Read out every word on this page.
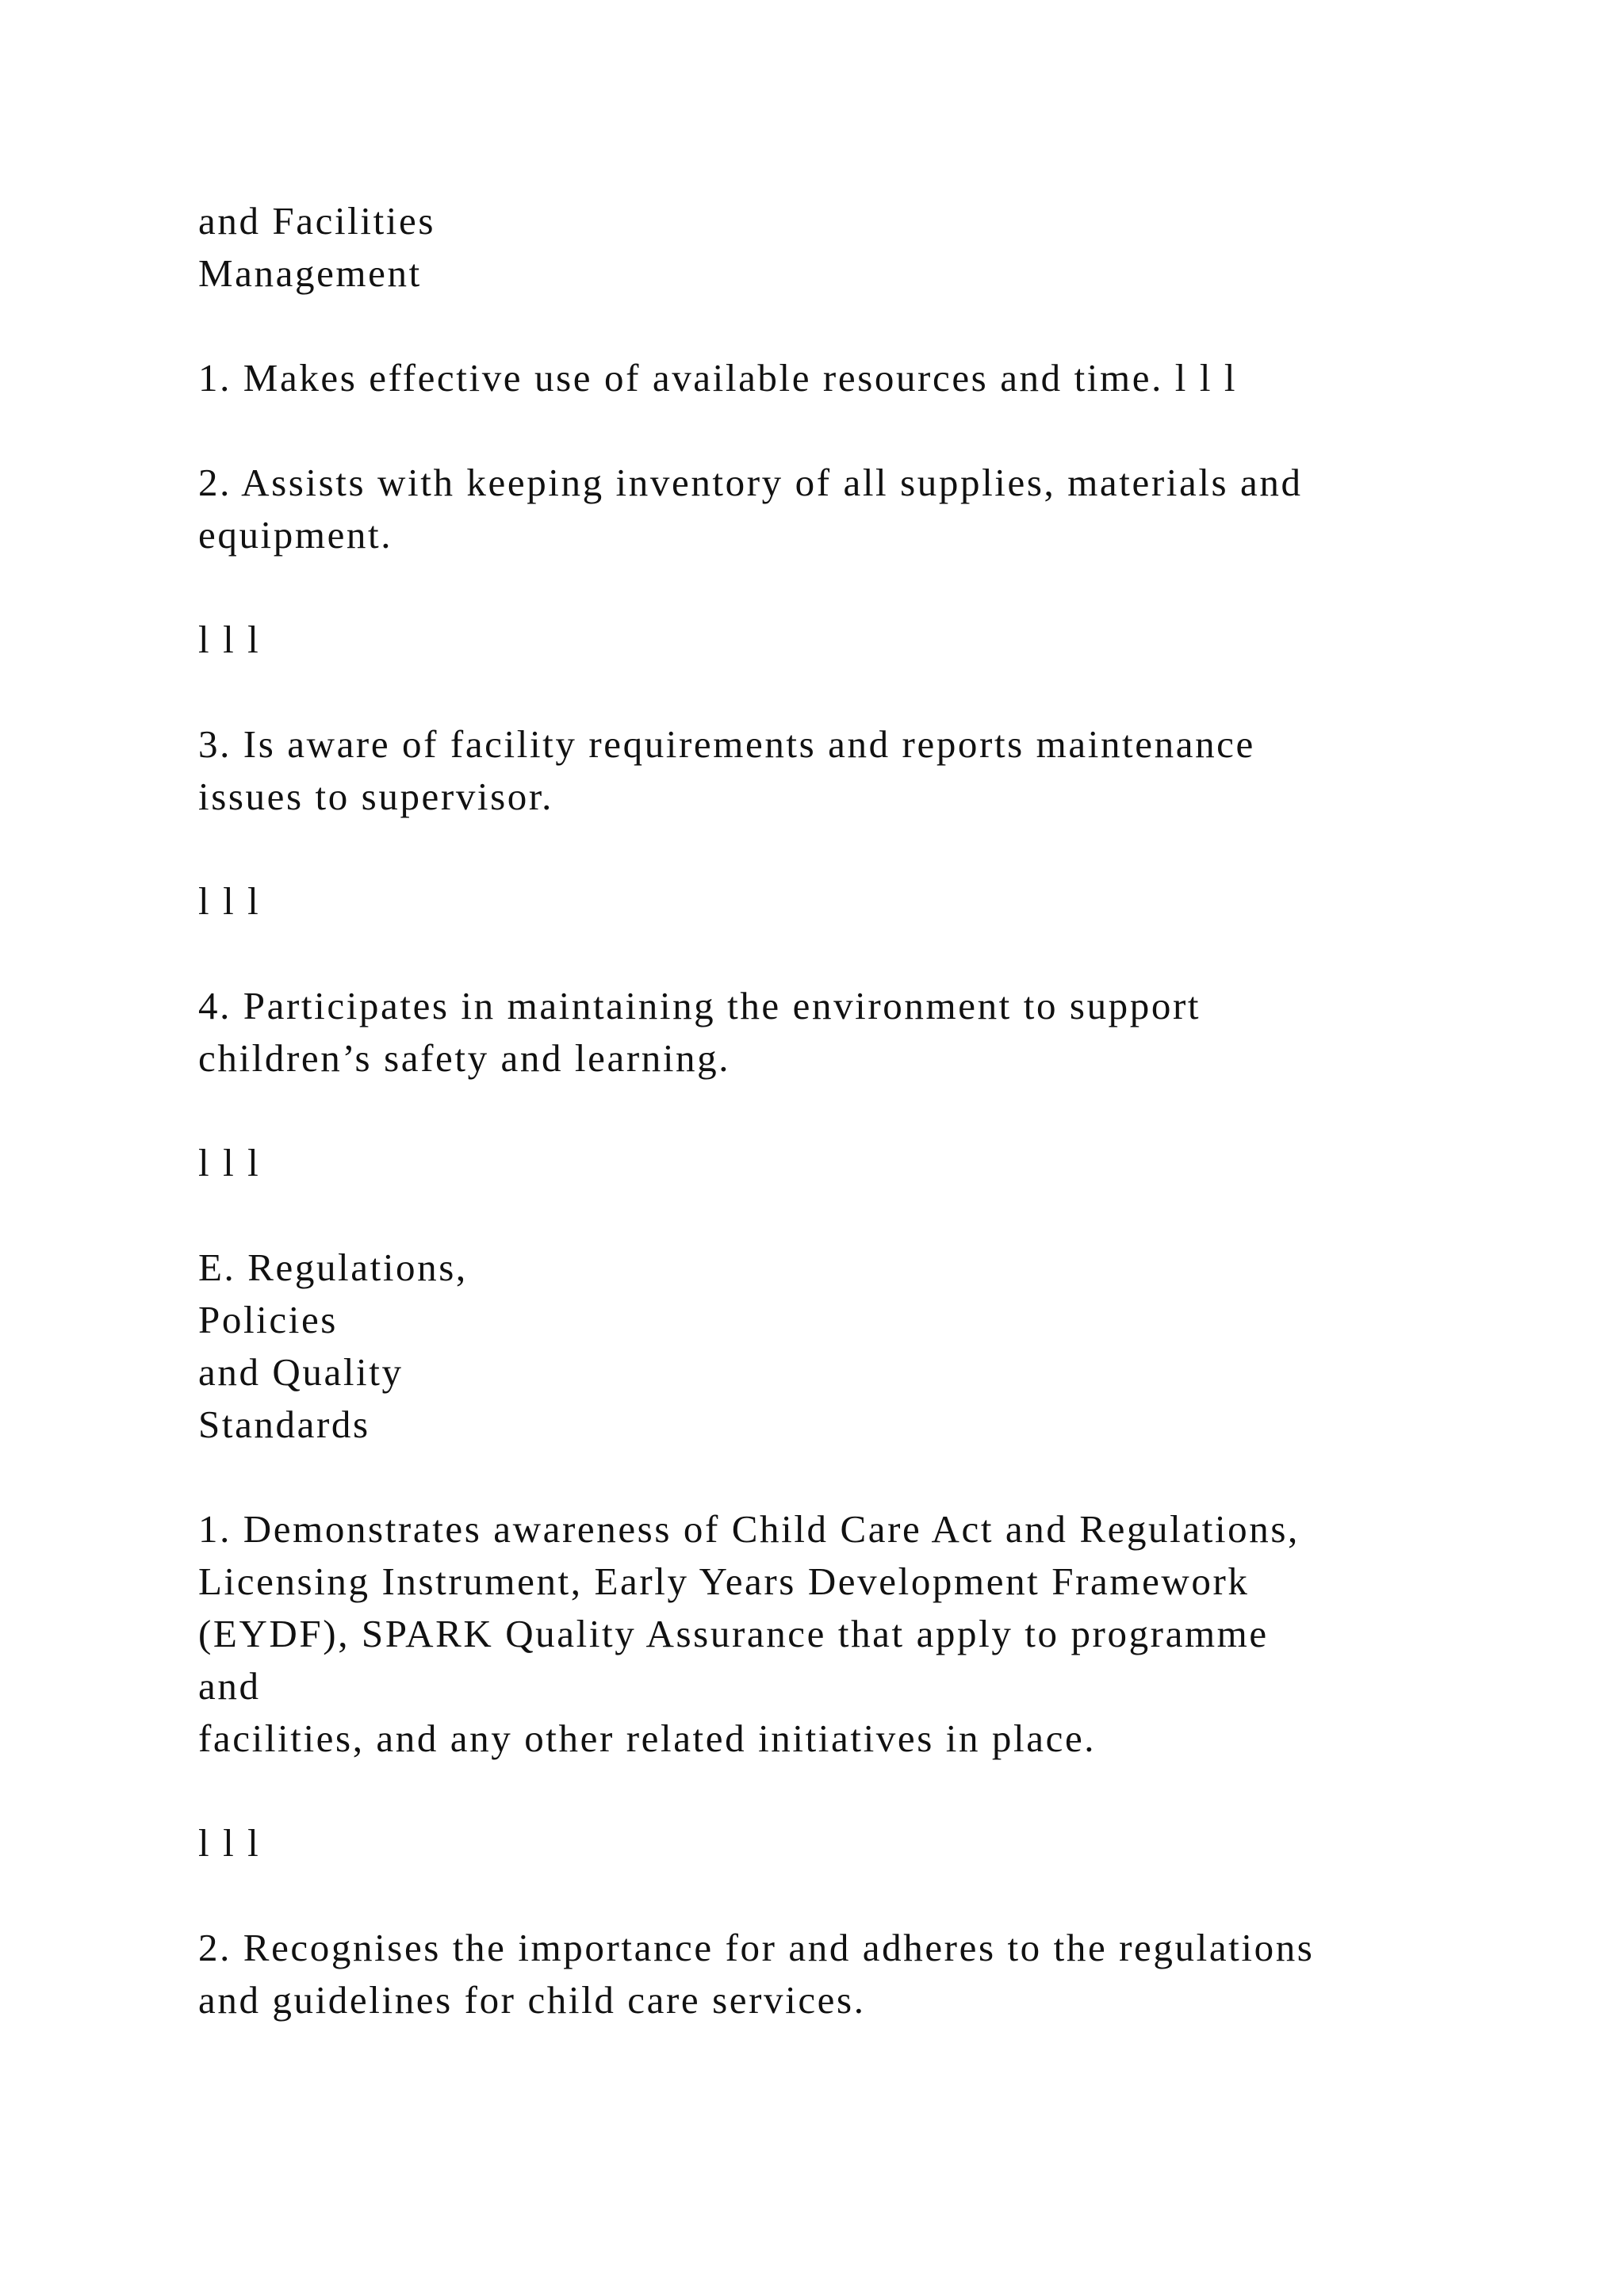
and Facilities
Management
1. Makes effective use of available resources and time. l l l
2. Assists with keeping inventory of all supplies, materials and
equipment.
l l l
3. Is aware of facility requirements and reports maintenance
issues to supervisor.
l l l
4. Participates in maintaining the environment to support
children’s safety and learning.
l l l
E. Regulations,
Policies
and Quality
Standards
1. Demonstrates awareness of Child Care Act and Regulations,
Licensing Instrument, Early Years Development Framework
(EYDF), SPARK Quality Assurance that apply to programme
and
facilities, and any other related initiatives in place.
l l l
2. Recognises the importance for and adheres to the regulations
and guidelines for child care services.
